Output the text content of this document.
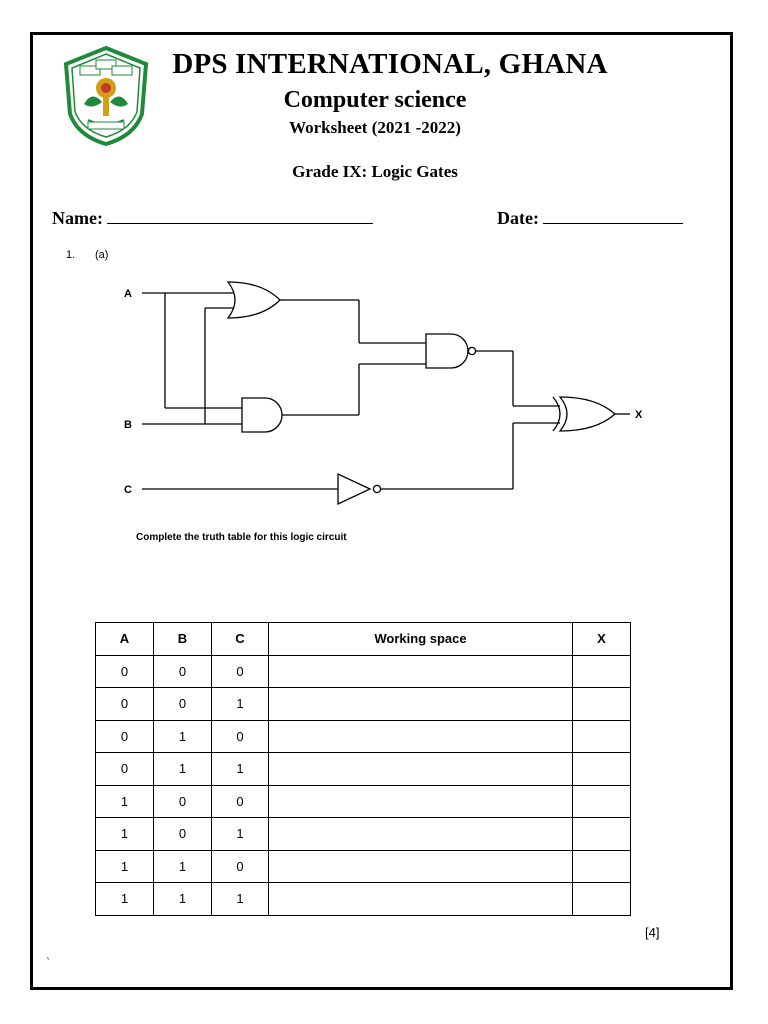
DPS INTERNATIONAL, GHANA
Computer science
Worksheet (2021 -2022)
Grade IX: Logic Gates
Name:	Date:
1. (a)
A
B
C
X
Complete the truth table for this logic circuit
A	B	C	Working space	X
0	0	0		
0	0	1		
0	1	0		
0	1	1		
1	0	0		
1	0	1		
1	1	0		
1	1	1		
[4]
`
